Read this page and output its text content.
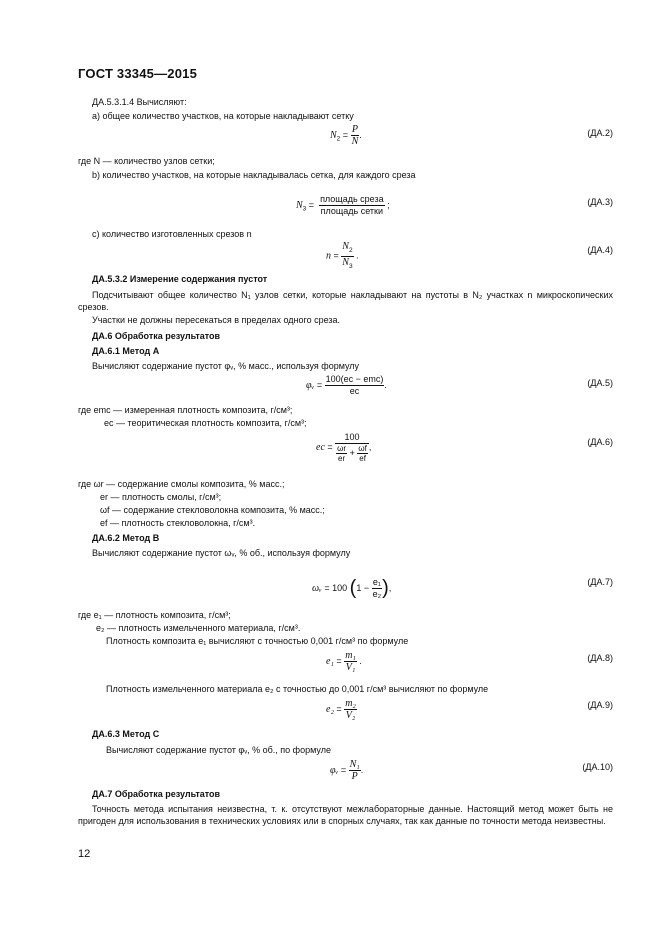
ГОСТ 33345—2015
ДА.5.3.1.4 Вычисляют:
а) общее количество участков, на которые накладывают сетку
$N_2 = \frac{P}{N}$ .	(ДА.2)
где N — количество узлов сетки;
b) количество участков, на которые накладывалась сетка, для каждого среза
$N_3 = \frac{\text{площадь среза}}{\text{площадь сетки}}$ ;	(ДА.3)
с) количество изготовленных срезов n
$n = \frac{N_2}{N_3}$ .
(ДА.4)
ДА.5.3.2 Измерение содержания пустот
Подсчитывают общее количество N₁ узлов сетки, которые накладывают на пустоты в N₂ участках n микроскопических срезов.
Участки не должны пересекаться в пределах одного среза.
ДА.6 Обработка результатов
ДА.6.1 Метод А
Вычисляют содержание пустот φᵥ, % масс., используя формулу
φᵥ = $\frac{\text{100(eс − emc)}}{eс}$ .	(ДА.5)
где emc — измеренная плотность композита, г/см³;
eс — теоритическая плотность композита, г/см³;
eс = $\frac{100}{\frac{\omega r}{er} + \frac{\omega f}{ef}}$ ,	(ДА.6)
где ωr — содержание смолы композита, % масс.;
er — плотность смолы, г/см³;
ωf — содержание стекловолокна композита, % масс.;
ef — плотность стекловолокна, г/см³.
ДА.6.2 Метод В
Вычисляют содержание пустот ωᵥ, % об., используя формулу
ωᵥ = 100 ($1 - \frac{\text{e₁}}{\text{e₂}}$ ),
(ДА.7)
где e₁ — плотность композита, г/см³;
e₂ — плотность измельченного материала, г/см³.
Плотность композита e₁ вычисляют с точностью 0,001 г/см³ по формуле
$e_1 = \frac{\text{m₁}}{\text{V₁}}$ .	(ДА.8)
Плотность измельченного материала e₂ с точностью до 0,001 г/см³ вычисляют по формуле
$e_2 = \frac{\text{m₂}}{\text{V₂}}$	(ДА.9)
ДА.6.3 Метод С
Вычисляют содержание пустот φᵥ, % об., по формуле
φᵥ = $\frac{\text{N₁}}{P}$ .	(ДА.10)
ДА.7 Обработка результатов
Точность метода испытания неизвестна, т. к. отсутствуют межлабораторные данные. Настоящий метод может быть не пригоден для использования в технических условиях или в спорных случаях, так как данные по точности метода неизвестны.
12
